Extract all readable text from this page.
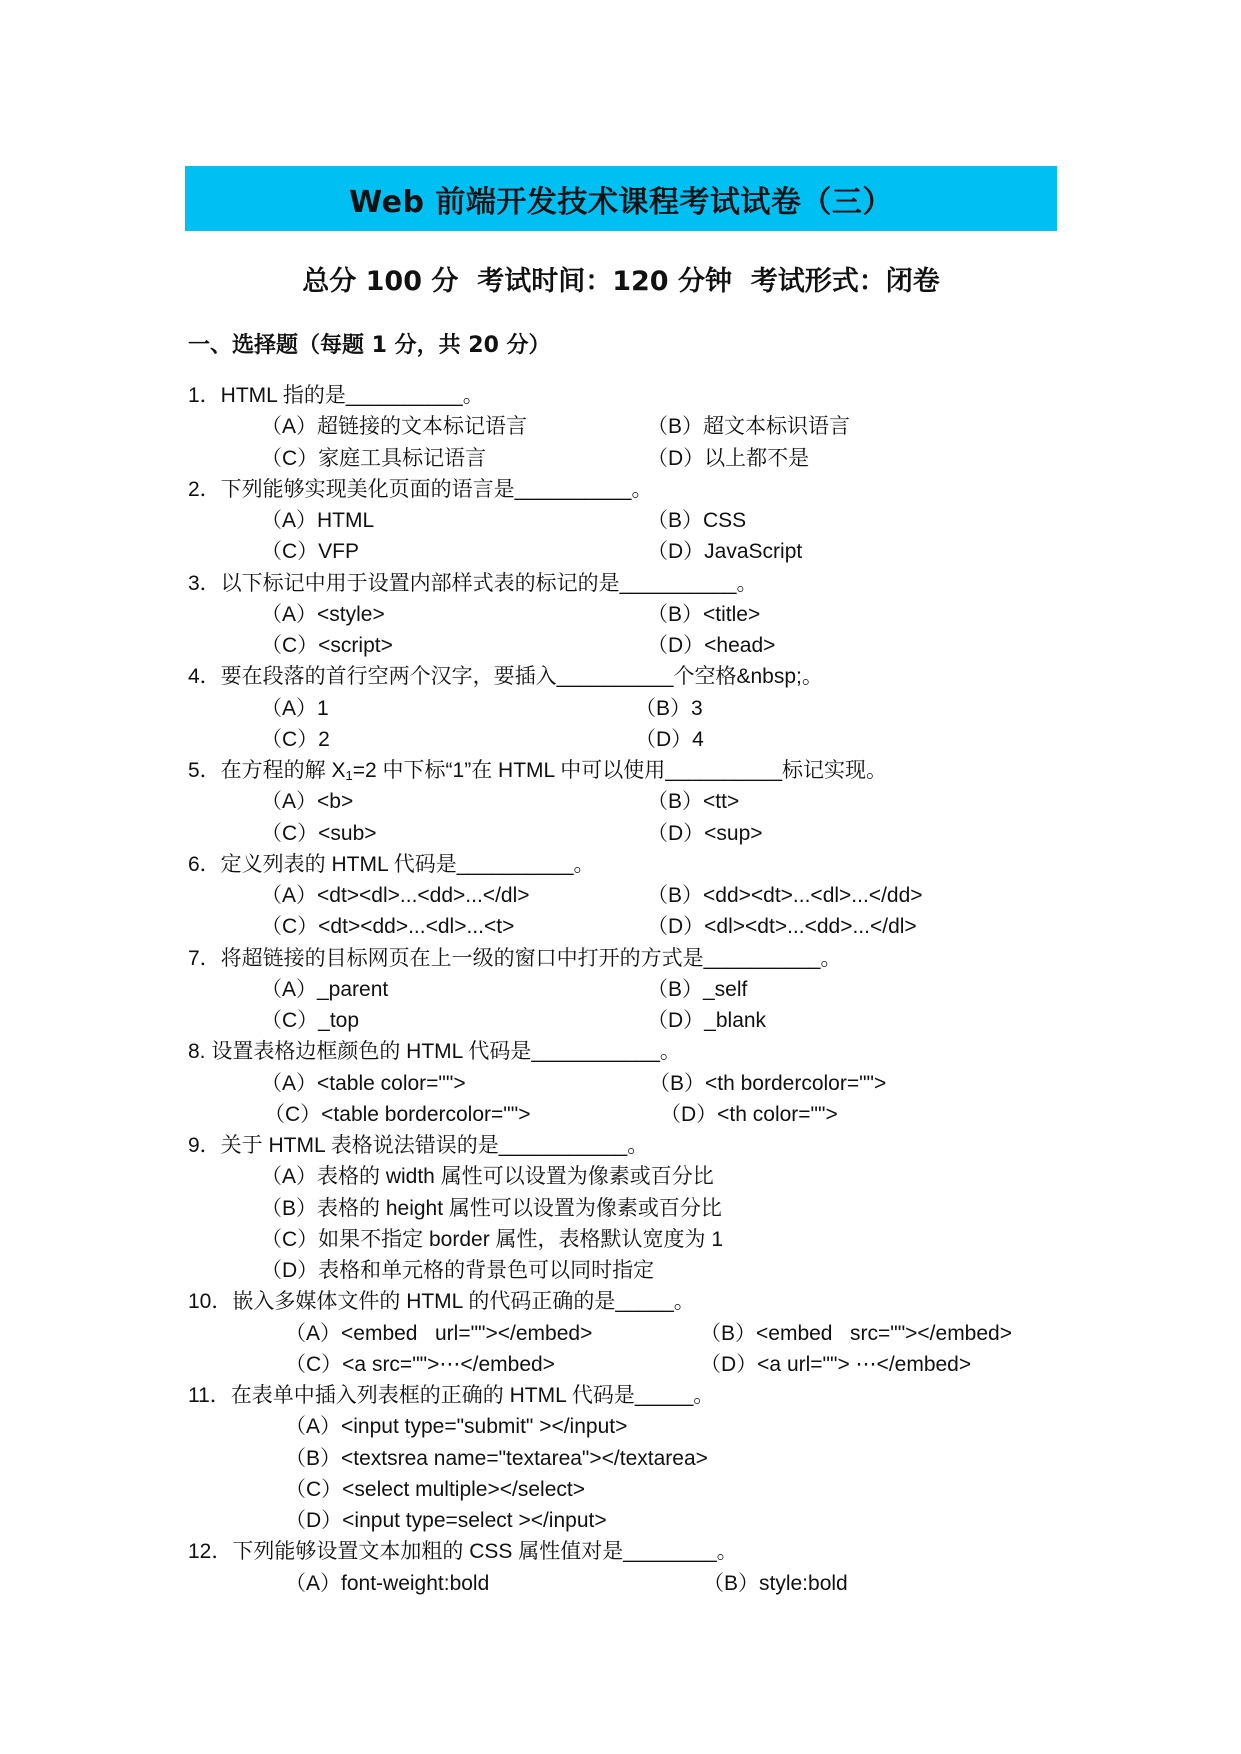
Web 前端开发技术课程考试试卷（三）
总分 100 分  考试时间：120 分钟  考试形式：闭卷
一、选择题（每题 1 分，共 20 分）
1．HTML 指的是__________。

（A）超链接的文本标记语言

	（B）超文本标识语言

（C）家庭工具标记语言

	（D）以上都不是

2．下列能够实现美化页面的语言是__________。

（A）HTML

	（B）CSS

（C）VFP

	（D）JavaScript

3．以下标记中用于设置内部样式表的标记的是__________。

（A）<style>

	（B）<title>

（C）<script>

	（D）<head>

4．要在段落的首行空两个汉字，要插入__________个空格&nbsp;。

（A）1

	（B）3

（C）2

	（D）4

5．在方程的解 $X_1=2$ 中下标“1”在 HTML 中可以使用__________标记实现。

（A）<b>

	（B）<tt>

（C）<sub>

	（D）<sup>

6．定义列表的 HTML 代码是__________。

（A）<dt><dl>...<dd>...</dl>

	（B）<dd><dt>...<dl>...</dd>

（C）<dt><dd>...<dl>...<t>

	（D）<dl><dt>...<dd>...</dl>

7．将超链接的目标网页在上一级的窗口中打开的方式是__________。

（A）_parent

	（B）_self

（C）_top

	（D）_blank

8. 设置表格边框颜色的 HTML 代码是___________。

（A）<table color="">

	（B）<th bordercolor="">

（C）<table bordercolor="">

	（D）<th color="">

9．关于 HTML 表格说法错误的是___________。
（A）表格的 width 属性可以设置为像素或百分比
（B）表格的 height 属性可以设置为像素或百分比
（C）如果不指定 border 属性，表格默认宽度为 1
（D）表格和单元格的背景色可以同时指定
10．嵌入多媒体文件的 HTML 的代码正确的是_____。

（A）<embed   url=""></embed>

	（B）<embed   src=""></embed>

（C）<a src="">⋯</embed>

	（D）<a url=""> ⋯</embed>

11．在表单中插入列表框的正确的 HTML 代码是_____。
（A）<input type="submit" ></input>
（B）<textsrea name="textarea"></textarea>
（C）<select multiple></select>
（D）<input type=select ></input>
12．下列能够设置文本加粗的 CSS 属性值对是________。

（A）font-weight:bold

	（B）style:bold
